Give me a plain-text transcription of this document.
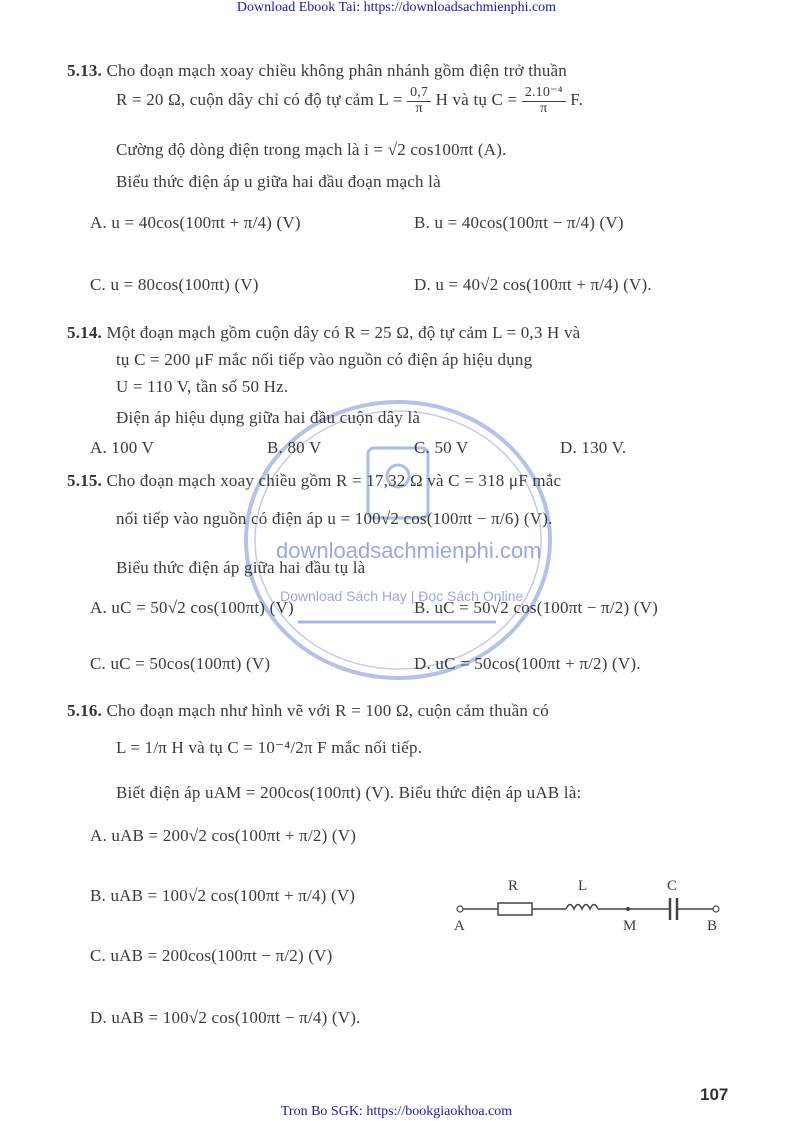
Download Ebook Tai: https://downloadsachmienphi.com
Tron Bo SGK: https://bookgiaokhoa.com
107
downloadsachmienphi.com
Download Sách Hay | Đọc Sách Online
5.13. Cho đoạn mạch xoay chiều không phân nhánh gồm điện trở thuần
R = 20 Ω, cuộn dây chỉ có độ tự cảm $L = \frac{0,7}{\pi}$ H và tụ $C = \frac{\text{2.10⁻⁴}}{\pi} F$.
Cường độ dòng điện trong mạch là i = √2 cos100πt (A).
Biểu thức điện áp u giữa hai đầu đoạn mạch là
A. u = 40cos(100πt + π/4) (V)	B. u = 40cos(100πt − π/4) (V)
C. u = 80cos(100πt) (V)	D. u = 40√2 cos(100πt + π/4) (V).
5.14. Một đoạn mạch gồm cuộn dây có R = 25 Ω, độ tự cảm L = 0,3 H và
tụ C = 200 μF mắc nối tiếp vào nguồn có điện áp hiệu dụng
U = 110 V, tần số 50 Hz.
Điện áp hiệu dụng giữa hai đầu cuộn dây là
A. 100 V	B. 80 V	C. 50 V	D. 130 V.
5.15. Cho đoạn mạch xoay chiều gồm R = 17,32 Ω và C = 318 μF mắc
nối tiếp vào nguồn có điện áp u = 100√2 cos(100πt − π/6) (V).
Biểu thức điện áp giữa hai đầu tụ là
A. uC = 50√2 cos(100πt) (V)	B. uC = 50√2 cos(100πt − π/2) (V)
C. uC = 50cos(100πt) (V)	D. uC = 50cos(100πt + π/2) (V).
5.16. Cho đoạn mạch như hình vẽ với R = 100 Ω, cuộn cảm thuần có
L = 1/π H và tụ C = 10⁻⁴/2π F mắc nối tiếp.
Biết điện áp uAM = 200cos(100πt) (V). Biểu thức điện áp uAB là:
A. uAB = 200√2 cos(100πt + π/2) (V)
B. uAB = 100√2 cos(100πt + π/4) (V)
C. uAB = 200cos(100πt − π/2) (V)
D. uAB = 100√2 cos(100πt − π/4) (V).
R	L	C
A	M	B
